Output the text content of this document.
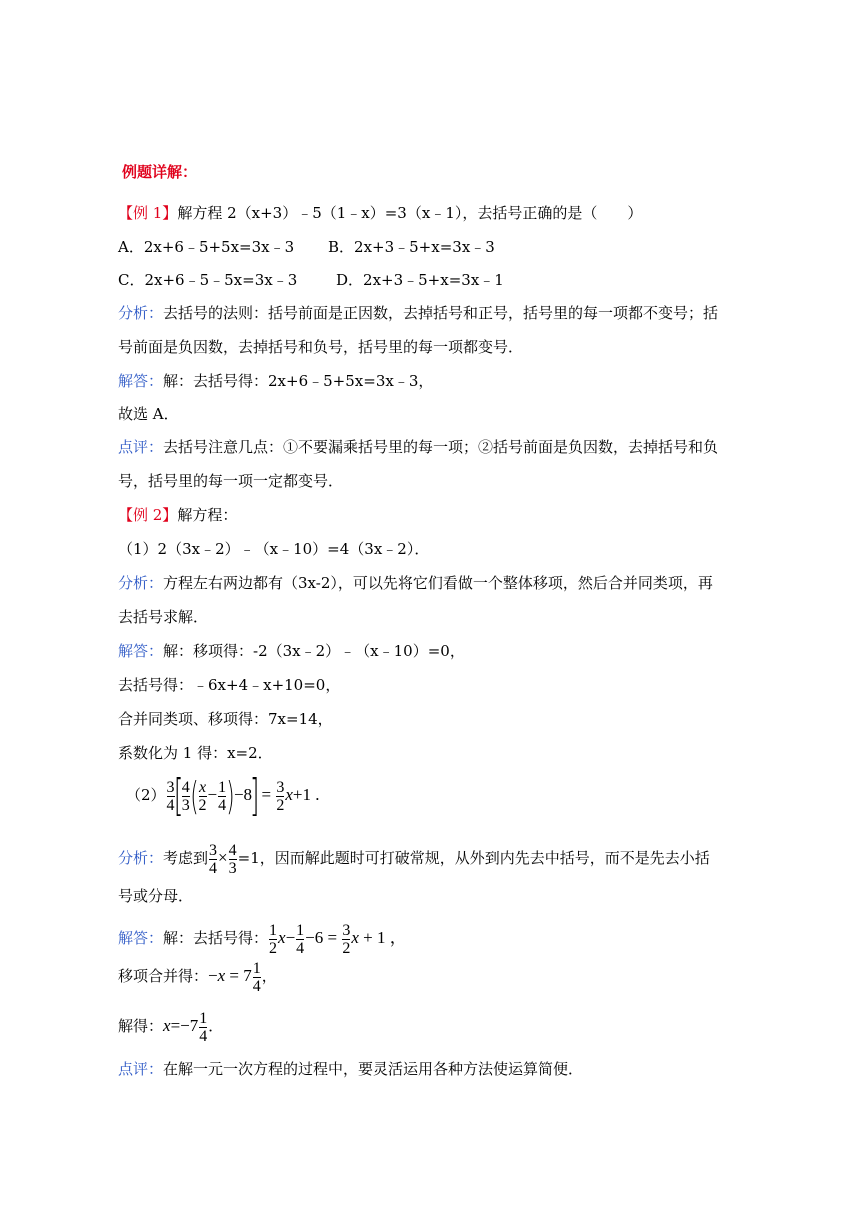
例题详解：
【例 1】解方程 2（x+3）﹣5（1﹣x）=3（x﹣1），去括号正确的是（　　）
A．2x+6﹣5+5x=3x﹣3 B．2x+3﹣5+x=3x﹣3
C．2x+6﹣5﹣5x=3x﹣3	D．2x+3﹣5+x=3x﹣1
分析：去括号的法则：括号前面是正因数，去掉括号和正号，括号里的每一项都不变号；括
号前面是负因数，去掉括号和负号，括号里的每一项都变号．
解答：解：去括号得：2x+6﹣5+5x=3x﹣3，
故选 A．
点评：去括号注意几点：①不要漏乘括号里的每一项；②括号前面是负因数，去掉括号和负
号，括号里的每一项一定都变号．
【例 2】解方程：
（1）2（3x﹣2）﹣（x﹣10）=4（3x﹣2）．
分析：方程左右两边都有（3x-2），可以先将它们看做一个整体移项，然后合并同类项，再
去括号求解．
解答：解：移项得：-2（3x﹣2）﹣（x﹣10）=0，
去括号得：﹣6x+4﹣x+10=0，
合并同类项、移项得：7x=14，
系数化为 1 得：x=2．
$(2) \frac{3}{4}$
[
$\frac{4}{3}$ ( $\frac{x}{2} - \frac{1}{4} )-8] = \frac{3}{2} x+1$ .
分析：考虑到 $\frac{3}{4} \times \frac{4}{3} =1$，因而解此题时可打破常规，从外到内先去中括号，而不是先去小括
号或分母．
解答：解：去括号得： $\frac{1}{2} x- \frac{1}{4} -6 = \frac{3}{2}$ x + 1 ，
移项合并得：$-x = 7 \frac{1}{4}$ ，
解得：$x=-7 \frac{1}{4}$ ．
点评：在解一元一次方程的过程中，要灵活运用各种方法使运算简便．
